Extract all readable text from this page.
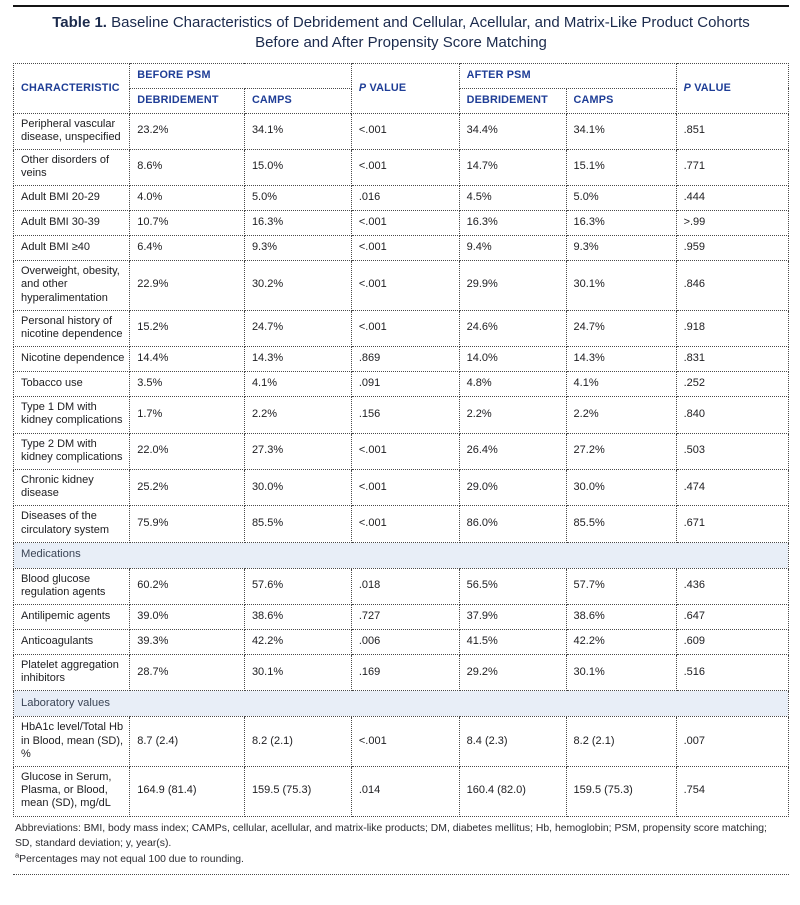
Table 1. Baseline Characteristics of Debridement and Cellular, Acellular, and Matrix-Like Product Cohorts Before and After Propensity Score Matching
CHARACTERISTIC	BEFORE PSM		P VALUE	AFTER PSM		P VALUE
	DEBRIDEMENT	CAMPS		DEBRIDEMENT	CAMPS	
Peripheral vascular disease, unspecified	23.2%	34.1%	<.001	34.4%	34.1%	.851
Other disorders of veins	8.6%	15.0%	<.001	14.7%	15.1%	.771
Adult BMI 20-29	4.0%	5.0%	.016	4.5%	5.0%	.444
Adult BMI 30-39	10.7%	16.3%	<.001	16.3%	16.3%	>.99
Adult BMI ≥40	6.4%	9.3%	<.001	9.4%	9.3%	.959
Overweight, obesity, and other hyperalimentation	22.9%	30.2%	<.001	29.9%	30.1%	.846
Personal history of nicotine dependence	15.2%	24.7%	<.001	24.6%	24.7%	.918
Nicotine dependence	14.4%	14.3%	.869	14.0%	14.3%	.831
Tobacco use	3.5%	4.1%	.091	4.8%	4.1%	.252
Type 1 DM with kidney complications	1.7%	2.2%	.156	2.2%	2.2%	.840
Type 2 DM with kidney complications	22.0%	27.3%	<.001	26.4%	27.2%	.503
Chronic kidney disease	25.2%	30.0%	<.001	29.0%	30.0%	.474
Diseases of the circulatory system	75.9%	85.5%	<.001	86.0%	85.5%	.671
Medications						
Blood glucose regulation agents	60.2%	57.6%	.018	56.5%	57.7%	.436
Antilipemic agents	39.0%	38.6%	.727	37.9%	38.6%	.647
Anticoagulants	39.3%	42.2%	.006	41.5%	42.2%	.609
Platelet aggregation inhibitors	28.7%	30.1%	.169	29.2%	30.1%	.516
Laboratory values						
HbA1c level/Total Hb in Blood, mean (SD), %	8.7 (2.4)	8.2 (2.1)	<.001	8.4 (2.3)	8.2 (2.1)	.007
Glucose in Serum, Plasma, or Blood, mean (SD), mg/dL	164.9 (81.4)	159.5 (75.3)	.014	160.4 (82.0)	159.5 (75.3)	.754
Abbreviations: BMI, body mass index; CAMPs, cellular, acellular, and matrix-like products; DM, diabetes mellitus; Hb, hemoglobin; PSM, propensity score matching; SD, standard deviation; y, year(s).
$^a$Percentages may not equal 100 due to rounding.
